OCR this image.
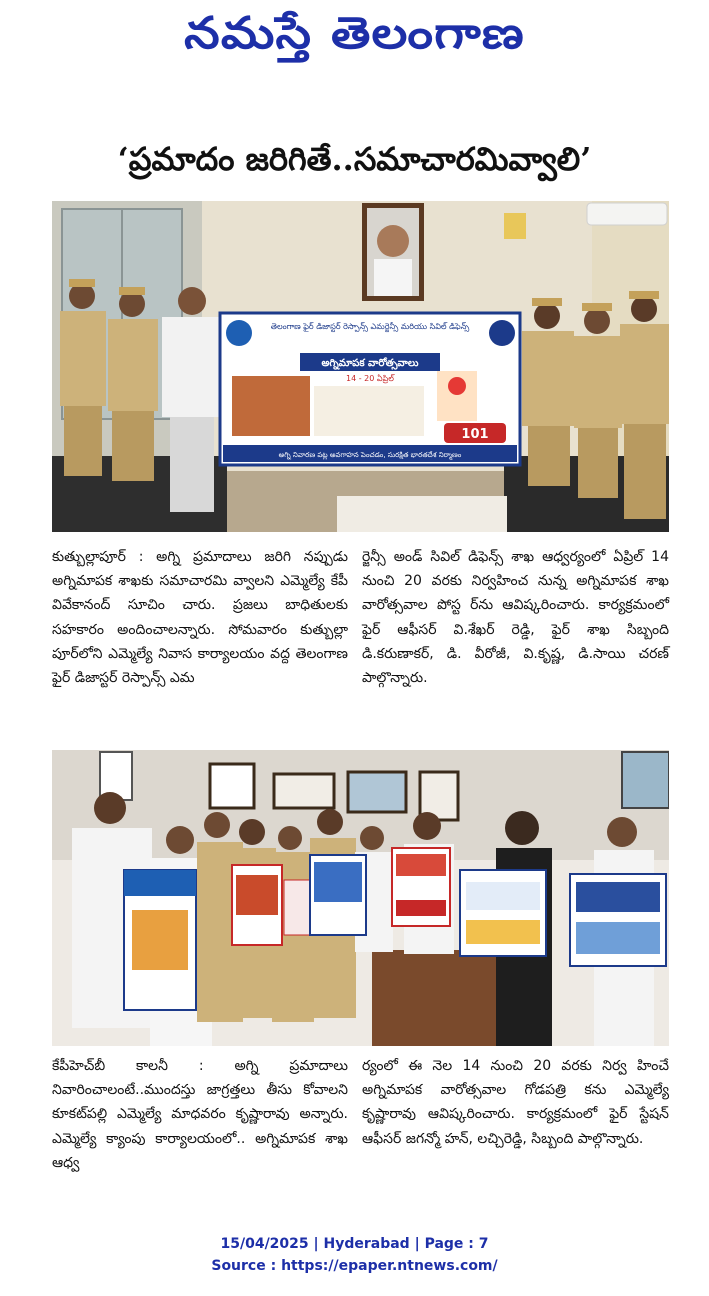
నమస్తే తెలంగాణ
‘ప్రమాదం జరిగితే..సమాచారమివ్వాలి’
తెలంగాణ ఫైర్ డిజాస్టర్ రెస్పాన్స్ ఎమర్జెన్సీ మరియు సివిల్ డిఫెన్స్
అగ్నిమాపక వారోత్సవాలు
14 - 20 ఏప్రిల్
101
అగ్ని నివారణ పట్ల అవగాహన పెంచడం, సురక్షిత భారతదేశ నిర్మాణం

కుత్బుల్లాపూర్ : అగ్ని ప్రమాదాలు జరిగి నప్పుడు అగ్నిమాపక శాఖకు సమాచారమి వ్వాలని ఎమ్మెల్యే కేపీ వివేకానంద్ సూచిం చారు. ప్రజలు బాధితులకు సహకారం అందించాలన్నారు. సోమవారం కుత్బుల్లా పూర్‌లోని ఎమ్మెల్యే నివాస కార్యాలయం వద్ద తెలంగాణ ఫైర్ డిజాస్టర్ రెస్పాన్స్ ఎమ

ర్జెన్సీ అండ్ సివిల్ డిఫెన్స్ శాఖ ఆధ్వర్యంలో ఏప్రిల్ 14 నుంచి 20 వరకు నిర్వహించ నున్న అగ్నిమాపక శాఖ వారోత్సవాల పోస్ట ర్‌ను ఆవిష్కరించారు. కార్యక్రమంలో ఫైర్ ఆఫీసర్ వి.శేఖర్ రెడ్డి, ఫైర్ శాఖ సిబ్బంది డి.కరుణాకర్, డి. వీరోజీ, వి.కృష్ణ, డి.సాయి చరణ్ పాల్గొన్నారు.

కేపీహెచ్‌బీ కాలనీ : అగ్ని ప్రమాదాలు నివారించాలంటే..ముందస్తు జాగ్రత్తలు తీసు కోవాలని కూకట్‌పల్లి ఎమ్మెల్యే మాధవరం కృష్ణారావు అన్నారు. ఎమ్మెల్యే క్యాంపు కార్యాలయంలో.. అగ్నిమాపక శాఖ ఆధ్వ

ర్యంలో ఈ నెల 14 నుంచి 20 వరకు నిర్వ హించే అగ్నిమాపక వారోత్సవాల గోడపత్రి కను ఎమ్మెల్యే కృష్ణారావు ఆవిష్కరించారు. కార్యక్రమంలో ఫైర్ స్టేషన్ ఆఫీసర్ జగన్మో హన్, లచ్చిరెడ్డి, సిబ్బంది పాల్గొన్నారు.

15/04/2025 | Hyderabad | Page : 7
Source : https://epaper.ntnews.com/
